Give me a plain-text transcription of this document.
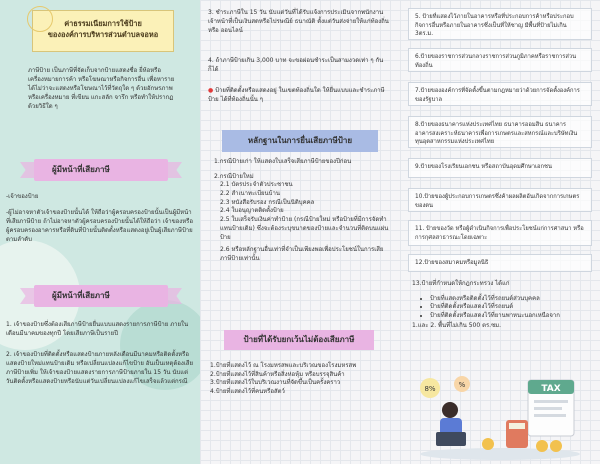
ค่าธรรมเนียมการใช้ป้าย
ขององค์การบริหารส่วนตำบลจอหอ
ภาษีป้าย เป็นภาษีที่จัดเก็บจากป้ายแสดงชื่อ ยี่ห้อหรือเครื่องหมายการค้า หรือโฆษณาหรือกิจการอื่น เพื่อหารายได้ไม่ว่าจะแสดงหรือโฆษณาไว้ที่วัตถุใด ๆ ด้วยอักษรภาพ หรือเครื่องหมาย ที่เขียน แกะสลัก จารึก หรือทำให้ปรากฏด้วยวิธีใด ๆ
ผู้มีหน้าที่เสียภาษี
-เจ้าของป้าย
-ผู้ไม่อาจหาตัวเจ้าของป้ายนั้นได้ ให้ถือว่าผู้ครอบครองป้ายนั้นเป็นผู้มีหน้าที่เสียภาษีป้าย ถ้าไม่อาจหาตัวผู้ครอบครองป้ายนั้นได้ให้ถือว่า เจ้าของหรือผู้ครอบครองอาคารหรือที่ดินที่ป้ายนั้นติดตั้งหรือแสดงอยู่เป็นผู้เสียภาษีป้ายตามลำดับ
ผู้มีหน้าที่เสียภาษี
1. เจ้าของป้ายซึ่งต้องเสียภาษีป้ายยื่นแบบแสดงรายการภาษีป้าย ภายในเดือนมีนาคมของทุกปี โดยเสียภาษีเป็นรายปี
2. เจ้าของป้ายที่ติดตั้งหรือแสดงป้ายภายหลังเดือนมีนาคมหรือติดตั้งหรือแสดงป้ายใหม่แทนป้ายเดิม หรือเปลี่ยนแปลงแก้ไขป้าย อันเป็นเหตุต้องเสียภาษีป้ายเพิ่ม ให้เจ้าของป้ายแสดงรายการภาษีป้ายภายใน 15 วัน นับแต่วันติดตั้งหรือแสดงป้ายหรือนับแต่วันเปลี่ยนแปลงแก้ไขเสร็จแล้วแต่กรณี
3. ชำระภาษีใน 15 วัน นับแต่วันที่ได้รับแจ้งการประเมินจากพนักงานเจ้าหน้าที่เป็นเงินสดหรือไปรษณีย์ ธนาณัติ ตั้งแต่วันส่งจ่ายให้แก่ท้องถิ่นหรือ ออนไลน์
4. ถ้าภาษีป้ายเกิน 3,000 บาท จะขอผ่อนชำระเป็นสามงวดเท่า ๆ กันก็ได้
● ป้ายที่ติดตั้งหรือแสดงอยู่ ในเขตท้องถิ่นใด ให้ยื่นแบบและชำระภาษีป้าย ได้ที่ท้องถิ่นนั้น ๆ
หลักฐานในการยื่นเสียภาษีป้าย
1.กรณีป้ายเก่า ให้แสดงใบเสร็จเสียภาษีป้ายของปีก่อน
2.กรณีป้ายใหม่
2.1 บัตรประจำตัวประชาชน
2.2 สำเนาทะเบียนบ้าน
2.3 หนังสือรับรอง กรณีเป็นนิติบุคคล
2.4 ใบอนุญาตติดตั้งป้าย
2.5 ใบเสร็จรับเงินค่าทำป้าย (กรณีป้ายใหม่ หรือป้ายที่มีการจัดทำแทนป้ายเดิม) ซึ่งจะต้องระบุขนาดของป้ายและจำนวนที่ติดบนแผ่นป้าย
2.6 หรือหลักฐานอื่นเท่าที่จำเป็นเพียงพอเพื่อประโยชน์ในการเสียภาษีป้ายเท่านั้น
ป้ายที่ได้รับยกเว้นไม่ต้องเสียภาษี
1.ป้ายที่แสดงไว้ ณ โรงมหรสพและบริเวณของโรงมหรสพ
2.ป้ายที่แสดงไว้ที่สินค้าหรือสิ่งห่อหุ้ม หรือบรรจุสินค้า
3.ป้ายที่แสดงไว้ในบริเวณงานที่จัดขึ้นเป็นครั้งคราว
4.ป้ายที่แสดงไว้ที่คนหรือสัตว์
5. ป้ายที่แสดงไว้ภายในอาคารหรือที่ประกอบการค้าหรือประกอบกิจการอื่นหรือภายในอาคารซึ่งเป็นที่ให้ชาญ มีพื้นที่ป้ายไม่เกิน 3ตร.ม.
6.ป้ายของราชการส่วนกลางราชการส่วนภูมิภาคหรือราชการส่วนท้องถิ่น
7.ป้ายขององค์การที่จัดตั้งขึ้นตามกฎหมายว่าด้วยการจัดตั้งองค์การของรัฐบาล
8.ป้ายของธนาคารแห่งประเทศไทย ธนาคารออมสิน ธนาคารอาคารสงเคราะห์ธนาคารเพื่อการเกษตรและสหกรณ์และบริษัทเงินทุนอุตสาหกรรมแห่งประเทศไทย
9.ป้ายของโรงเรียนเอกชน หรือสถาบันอุดมศึกษาเอกชน
10.ป้ายของผู้ประกอบการเกษตรซึ่งค้าผลผลิตอันเกิดจากการเกษตรของตน
11. ป้ายของวัด หรือผู้ดำเนินกิจการเพื่อประโยชน์แก่การศาสนา หรือการกุศลสาธารณะโดยเฉพาะ
12.ป้ายของสมาคมหรือมูลนิธิ
13.ป้ายที่กำหนดให้กฎกระทรวง ได้แก่
• ป้ายที่แสดงหรือติดตั้งไว้ที่รถยนต์ส่วนบุคคล
• ป้ายที่ติดตั้งหรือแสดงไว้ที่รถยนต์
• ป้ายที่ติดตั้งหรือแสดงไว้ที่ยานพาหนะนอกเหนือจาก
1.และ 2. พื้นที่ไม่เกิน 500 ตร.ซม.
8%	%	TAX
